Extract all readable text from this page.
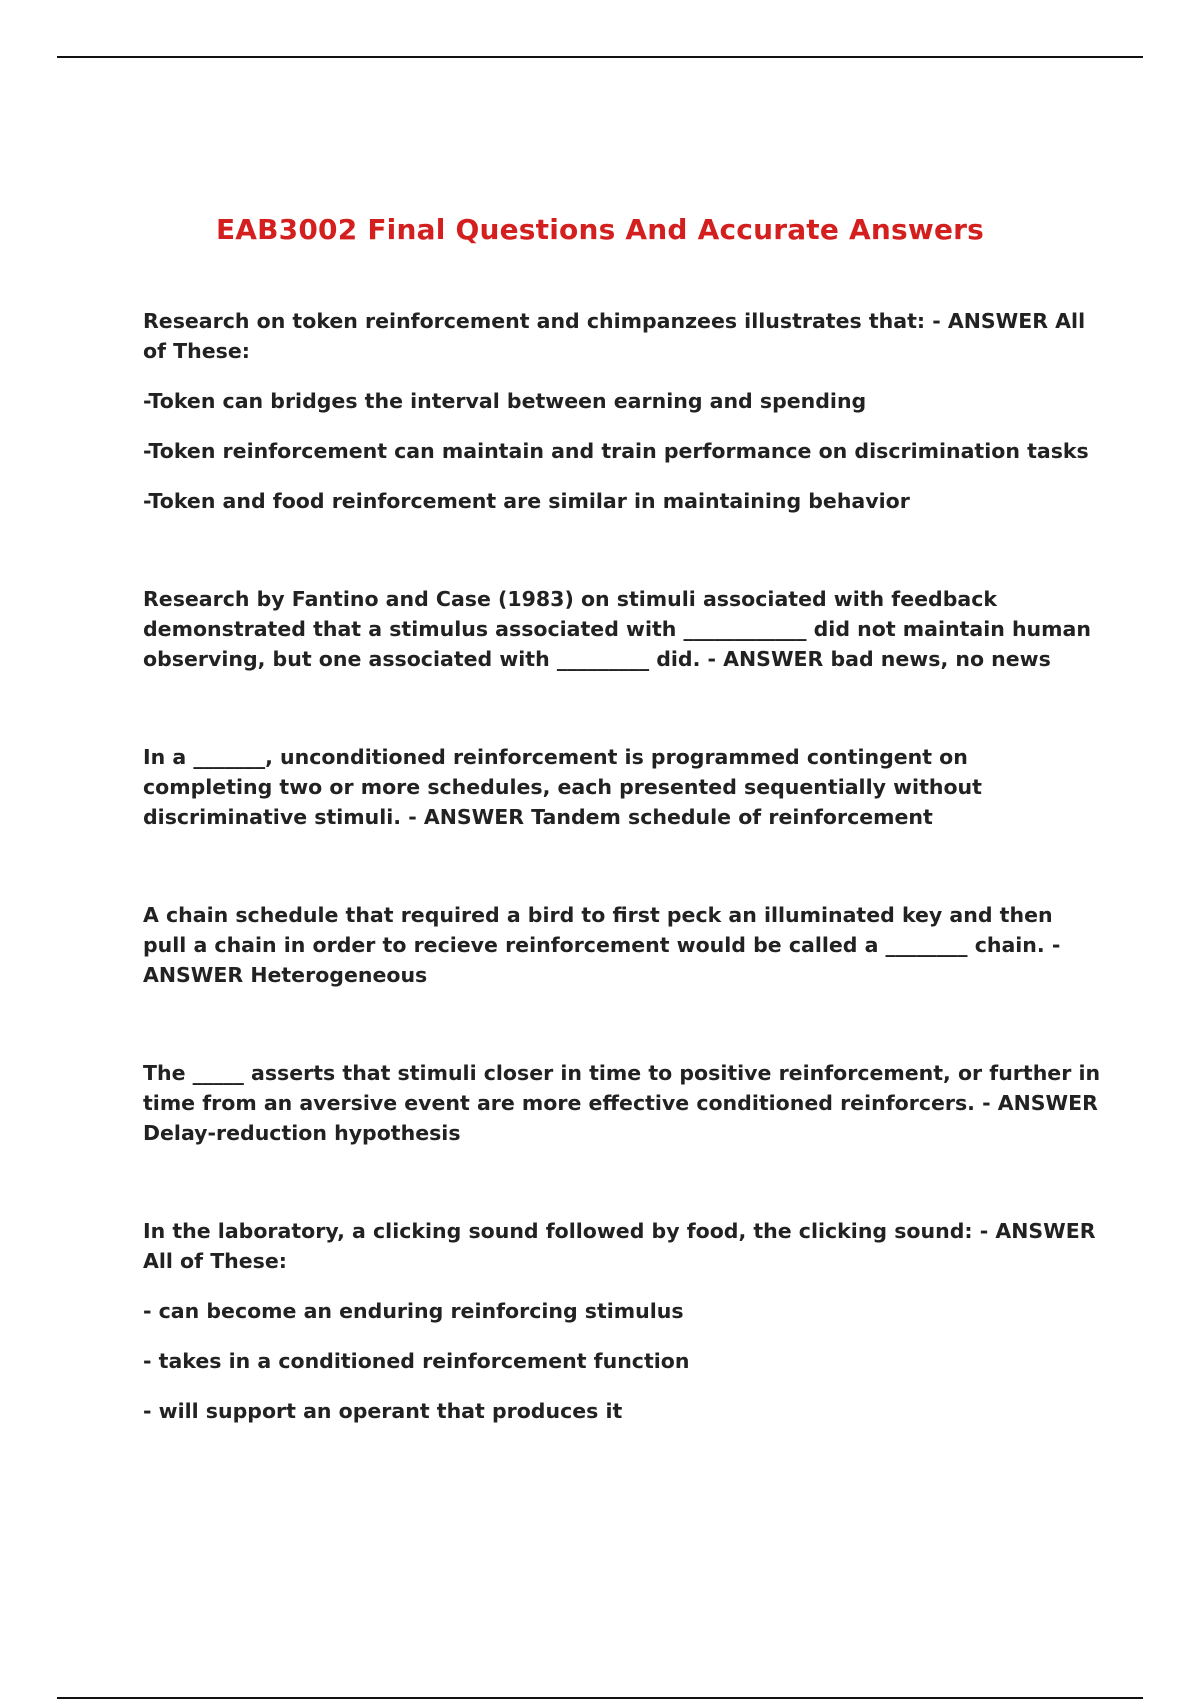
EAB3002 Final Questions And Accurate Answers

Research on token reinforcement and chimpanzees illustrates that: - ANSWER All of These:

-Token can bridges the interval between earning and spending

-Token reinforcement can maintain and train performance on discrimination tasks

-Token and food reinforcement are similar in maintaining behavior

Research by Fantino and Case (1983) on stimuli associated with feedback demonstrated that a stimulus associated with ____________ did not maintain human observing, but one associated with _________ did. - ANSWER bad news, no news

In a _______, unconditioned reinforcement is programmed contingent on completing two or more schedules, each presented sequentially without discriminative stimuli. - ANSWER Tandem schedule of reinforcement

A chain schedule that required a bird to first peck an illuminated key and then pull a chain in order to recieve reinforcement would be called a ________ chain. - ANSWER Heterogeneous

The _____ asserts that stimuli closer in time to positive reinforcement, or further in time from an aversive event are more effective conditioned reinforcers. - ANSWER Delay-reduction hypothesis

In the laboratory, a clicking sound followed by food, the clicking sound: - ANSWER All of These:

- can become an enduring reinforcing stimulus

- takes in a conditioned reinforcement function

- will support an operant that produces it
